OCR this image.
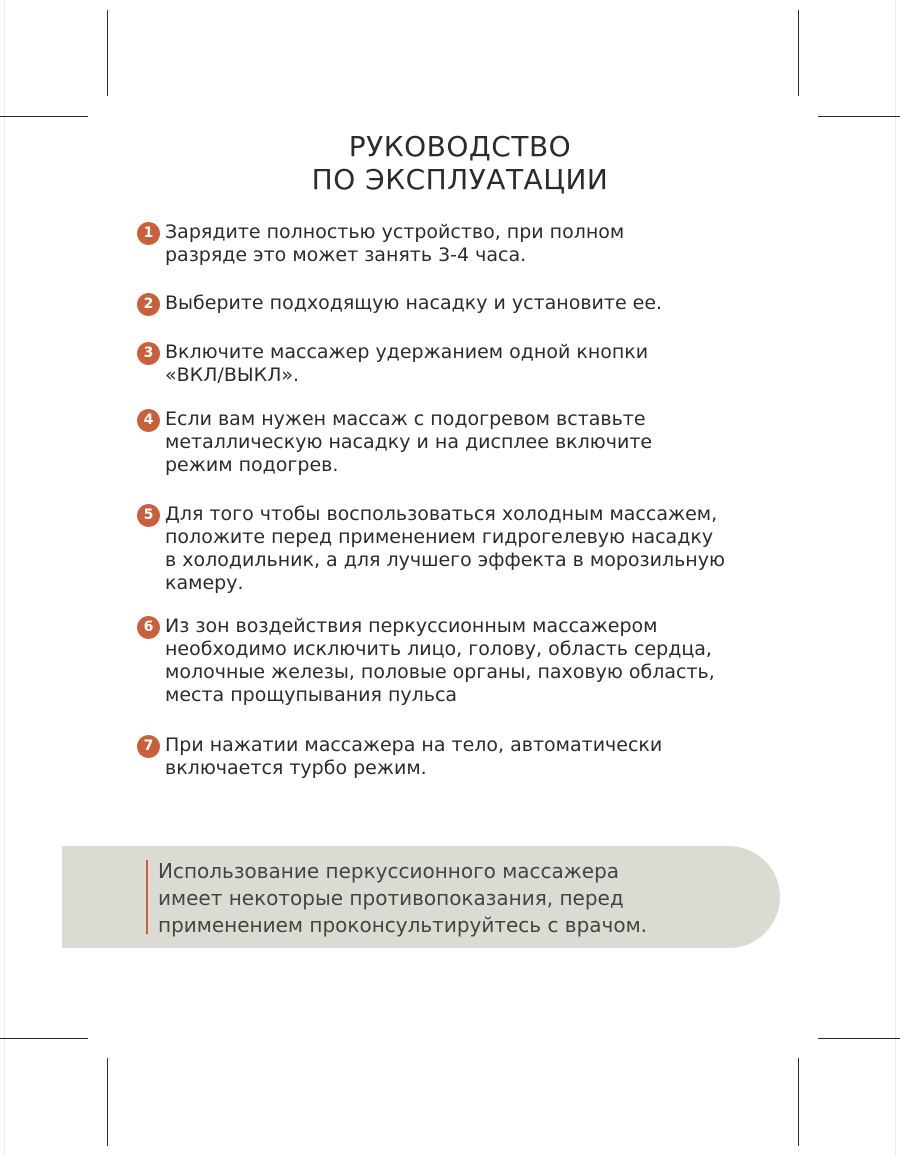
РУКОВОДСТВО
ПО ЭКСПЛУАТАЦИИ
1 Зарядите полностью устройство, при полном
разряде это может занять 3-4 часа.

2 Выберите подходящую насадку и установите ее.

3 Включите массажер удержанием одной кнопки
«ВКЛ/ВЫКЛ».

4 Если вам нужен массаж с подогревом вставьте
металлическую насадку и на дисплее включите
режим подогрев.

5 Для того чтобы воспользоваться холодным массажем,
положите перед применением гидрогелевую насадку
в холодильник, а для лучшего эффекта в морозильную
камеру.

6 Из зон воздействия перкуссионным массажером
необходимо исключить лицо, голову, область сердца,
молочные железы, половые органы, паховую область,
места прощупывания пульса

7 При нажатии массажера на тело, автоматически
включается турбо режим.

Использование перкуссионного массажера
имеет некоторые противопоказания, перед
применением проконсультируйтесь с врачом.
